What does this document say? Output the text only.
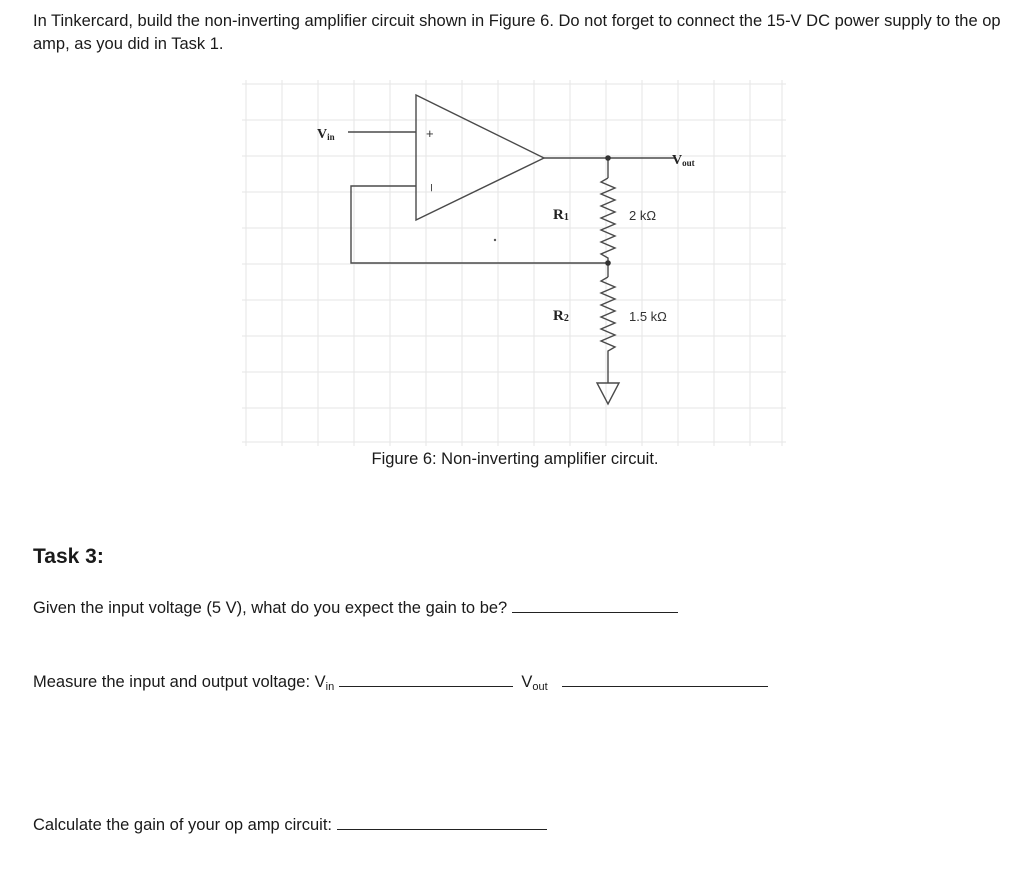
In Tinkercard, build the non-inverting amplifier circuit shown in Figure 6. Do not forget to connect the 15-V DC power supply to the op amp, as you did in Task 1.
Vin	+
–
Vout
R1	2 kΩ
R2	1.5 kΩ
Figure 6: Non-inverting amplifier circuit.
Task 3:
Given the input voltage (5 V), what do you expect the gain to be?
Measure the input and output voltage: $V_{in}$	$V_{out}$
Calculate the gain of your op amp circuit:
